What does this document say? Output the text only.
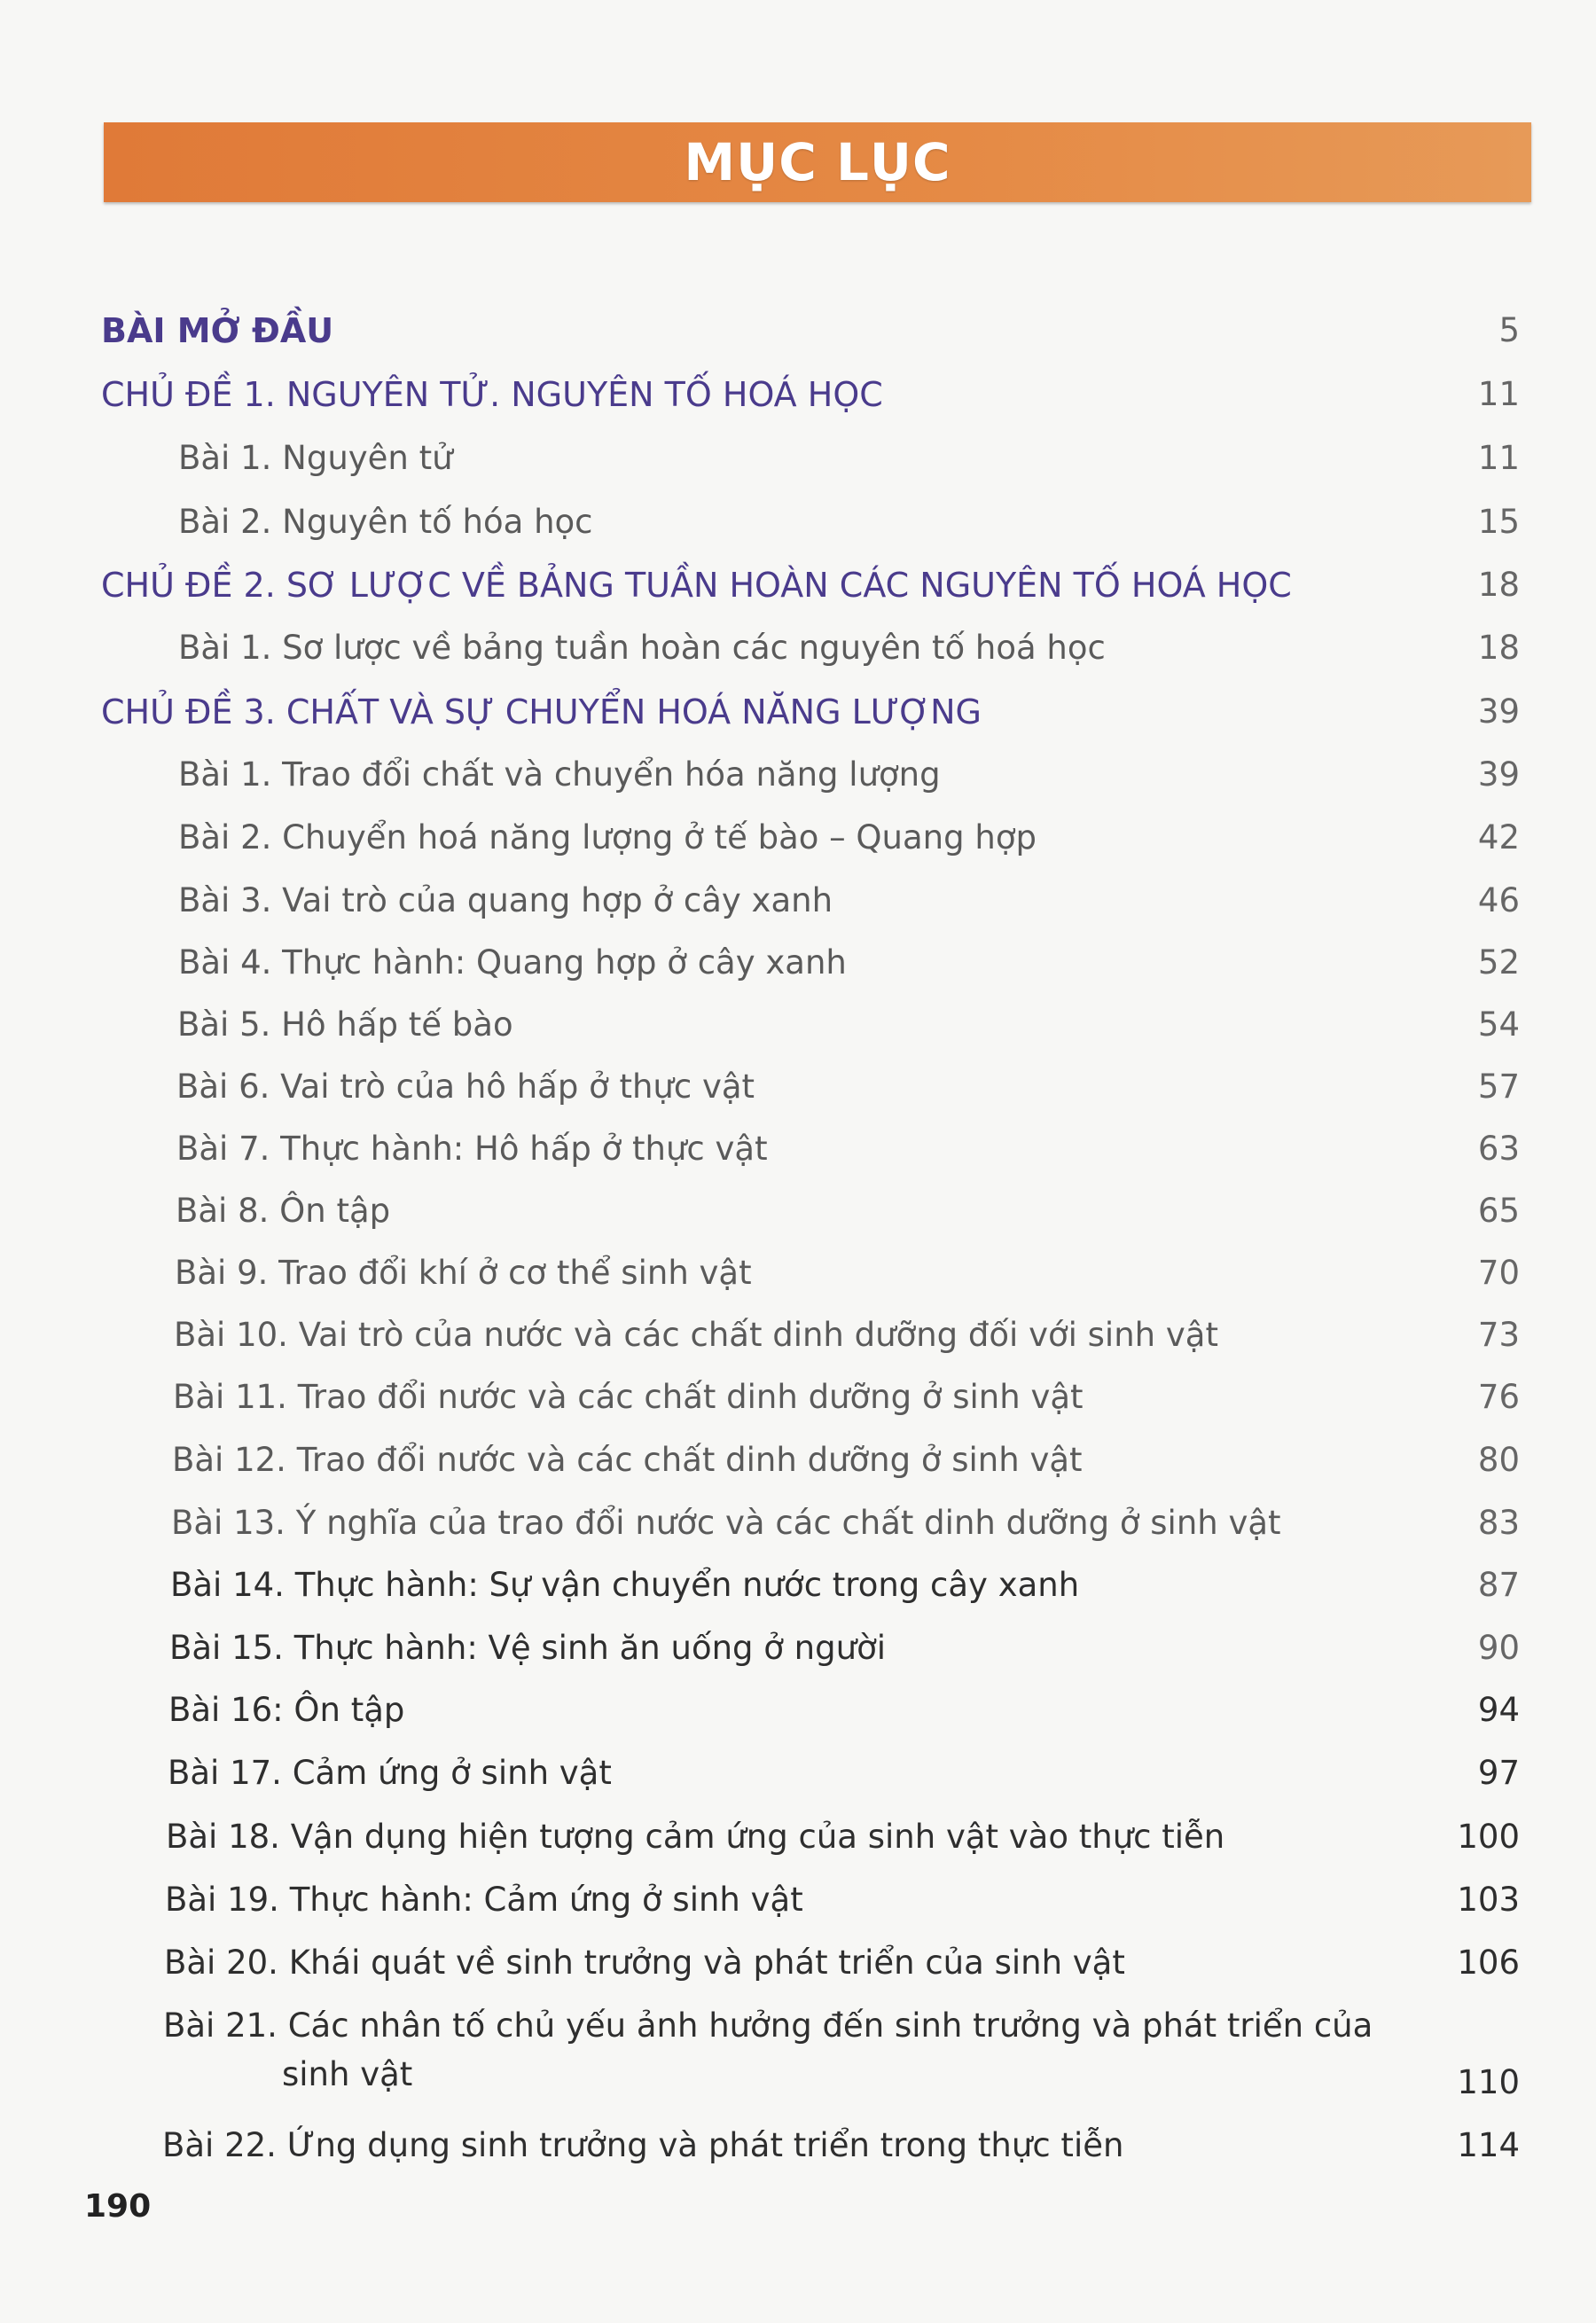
MỤC LỤC
BÀI MỞ ĐẦU	5
CHỦ ĐỀ 1. NGUYÊN TỬ. NGUYÊN TỐ HOÁ HỌC	11
Bài 1. Nguyên tử	11
Bài 2. Nguyên tố hóa học	15
CHỦ ĐỀ 2. SƠ LƯỢC VỀ BẢNG TUẦN HOÀN CÁC NGUYÊN TỐ HOÁ HỌC	18
Bài 1. Sơ lược về bảng tuần hoàn các nguyên tố hoá học	18
CHỦ ĐỀ 3. CHẤT VÀ SỰ CHUYỂN HOÁ NĂNG LƯỢNG	39
Bài 1. Trao đổi chất và chuyển hóa năng lượng	39
Bài 2. Chuyển hoá năng lượng ở tế bào – Quang hợp	42
Bài 3. Vai trò của quang hợp ở cây xanh	46
Bài 4. Thực hành: Quang hợp ở cây xanh	52
Bài 5. Hô hấp tế bào	54
Bài 6. Vai trò của hô hấp ở thực vật	57
Bài 7. Thực hành: Hô hấp ở thực vật	63
Bài 8. Ôn tập	65
Bài 9. Trao đổi khí ở cơ thể sinh vật	70
Bài 10. Vai trò của nước và các chất dinh dưỡng đối với sinh vật	73
Bài 11. Trao đổi nước và các chất dinh dưỡng ở sinh vật	76
Bài 12. Trao đổi nước và các chất dinh dưỡng ở sinh vật	80
Bài 13. Ý nghĩa của trao đổi nước và các chất dinh dưỡng ở sinh vật	83
Bài 14. Thực hành: Sự vận chuyển nước trong cây xanh	87
Bài 15. Thực hành: Vệ sinh ăn uống ở người	90
Bài 16: Ôn tập	94
Bài 17. Cảm ứng ở sinh vật	97
Bài 18. Vận dụng hiện tượng cảm ứng của sinh vật vào thực tiễn	100
Bài 19. Thực hành: Cảm ứng ở sinh vật	103
Bài 20. Khái quát về sinh trưởng và phát triển của sinh vật	106
Bài 21. Các nhân tố chủ yếu ảnh hưởng đến sinh trưởng và phát triển của
sinh vật	110
Bài 22. Ứng dụng sinh trưởng và phát triển trong thực tiễn	114
190
